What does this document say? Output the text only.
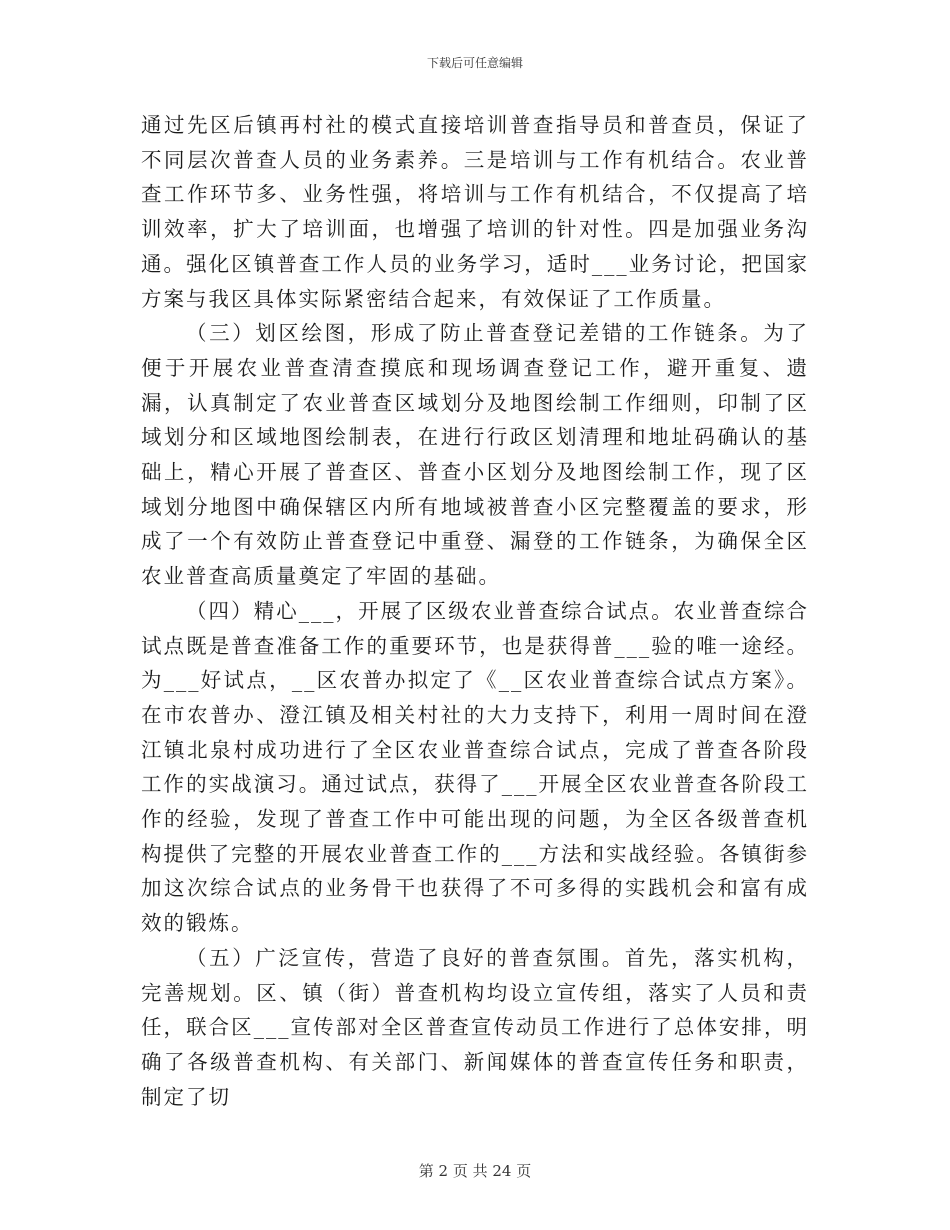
下载后可任意编辑

通过先区后镇再村社的模式直接培训普查指导员和普查员，保证了不同层次普查人员的业务素养。三是培训与工作有机结合。农业普查工作环节多、业务性强，将培训与工作有机结合，不仅提高了培训效率，扩大了培训面，也增强了培训的针对性。四是加强业务沟通。强化区镇普查工作人员的业务学习，适时___业务讨论，把国家方案与我区具体实际紧密结合起来，有效保证了工作质量。

（三）划区绘图，形成了防止普查登记差错的工作链条。为了便于开展农业普查清查摸底和现场调查登记工作，避开重复、遗漏，认真制定了农业普查区域划分及地图绘制工作细则，印制了区域划分和区域地图绘制表，在进行行政区划清理和地址码确认的基础上，精心开展了普查区、普查小区划分及地图绘制工作，现了区域划分地图中确保辖区内所有地域被普查小区完整覆盖的要求，形成了一个有效防止普查登记中重登、漏登的工作链条，为确保全区农业普查高质量奠定了牢固的基础。

（四）精心___，开展了区级农业普查综合试点。农业普查综合试点既是普查准备工作的重要环节，也是获得普___验的唯一途经。为___好试点，__区农普办拟定了《__区农业普查综合试点方案》。在市农普办、澄江镇及相关村社的大力支持下，利用一周时间在澄江镇北泉村成功进行了全区农业普查综合试点，完成了普查各阶段工作的实战演习。通过试点，获得了___开展全区农业普查各阶段工作的经验，发现了普查工作中可能出现的问题，为全区各级普查机构提供了完整的开展农业普查工作的___方法和实战经验。各镇街参加这次综合试点的业务骨干也获得了不可多得的实践机会和富有成效的锻炼。

（五）广泛宣传，营造了良好的普查氛围。首先，落实机构，完善规划。区、镇（街）普查机构均设立宣传组，落实了人员和责任，联合区___宣传部对全区普查宣传动员工作进行了总体安排，明确了各级普查机构、有关部门、新闻媒体的普查宣传任务和职责，制定了切

第 2 页 共 24 页
